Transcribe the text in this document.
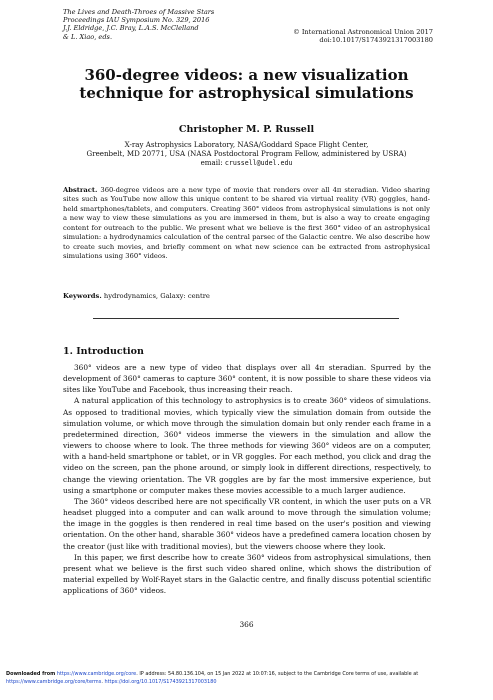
The Lives and Death-Throes of Massive Stars
Proceedings IAU Symposium No. 329, 2016
J.J. Eldridge, J.C. Bray, L.A.S. McClelland
& L. Xiao, eds.
© International Astronomical Union 2017
doi:10.1017/S1743921317003180
360-degree videos: a new visualization
technique for astrophysical simulations
Christopher M. P. Russell
X-ray Astrophysics Laboratory, NASA/Goddard Space Flight Center,
Greenbelt, MD 20771, USA (NASA Postdoctoral Program Fellow, administered by USRA)
email: crussell@udel.edu

Abstract. 360-degree videos are a new type of movie that renders over all 4π steradian. Video sharing sites such as YouTube now allow this unique content to be shared via virtual reality (VR) goggles, hand-held smartphones/tablets, and computers. Creating 360° videos from astrophysical simulations is not only a new way to view these simulations as you are immersed in them, but is also a way to create engaging content for outreach to the public. We present what we believe is the first 360° video of an astrophysical simulation: a hydrodynamics calculation of the central parsec of the Galactic centre. We also describe how to create such movies, and briefly comment on what new science can be extracted from astrophysical simulations using 360° videos.

Keywords. hydrodynamics, Galaxy: centre

1. Introduction

360° videos are a new type of video that displays over all 4π steradian. Spurred by the development of 360° cameras to capture 360° content, it is now possible to share these videos via sites like YouTube and Facebook, thus increasing their reach.

A natural application of this technology to astrophysics is to create 360° videos of simulations. As opposed to traditional movies, which typically view the simulation domain from outside the simulation volume, or which move through the simulation domain but only render each frame in a predetermined direction, 360° videos immerse the viewers in the simulation and allow the viewers to choose where to look. The three methods for viewing 360° videos are on a computer, with a hand-held smartphone or tablet, or in VR goggles. For each method, you click and drag the video on the screen, pan the phone around, or simply look in different directions, respectively, to change the viewing orientation. The VR goggles are by far the most immersive experience, but using a smartphone or computer makes these movies accessible to a much larger audience.

The 360° videos described here are not specifically VR content, in which the user puts on a VR headset plugged into a computer and can walk around to move through the simulation volume; the image in the goggles is then rendered in real time based on the user's position and viewing orientation. On the other hand, sharable 360° videos have a predefined camera location chosen by the creator (just like with traditional movies), but the viewers choose where they look.

In this paper, we first describe how to create 360° videos from astrophysical simulations, then present what we believe is the first such video shared online, which shows the distribution of material expelled by Wolf-Rayet stars in the Galactic centre, and finally discuss potential scientific applications of 360° videos.

366
Downloaded from https://www.cambridge.org/core. IP address: 54.80.136.104, on 15 Jan 2022 at 10:07:16, subject to the Cambridge Core terms of use, available at
https://www.cambridge.org/core/terms. https://doi.org/10.1017/S1743921317003180
